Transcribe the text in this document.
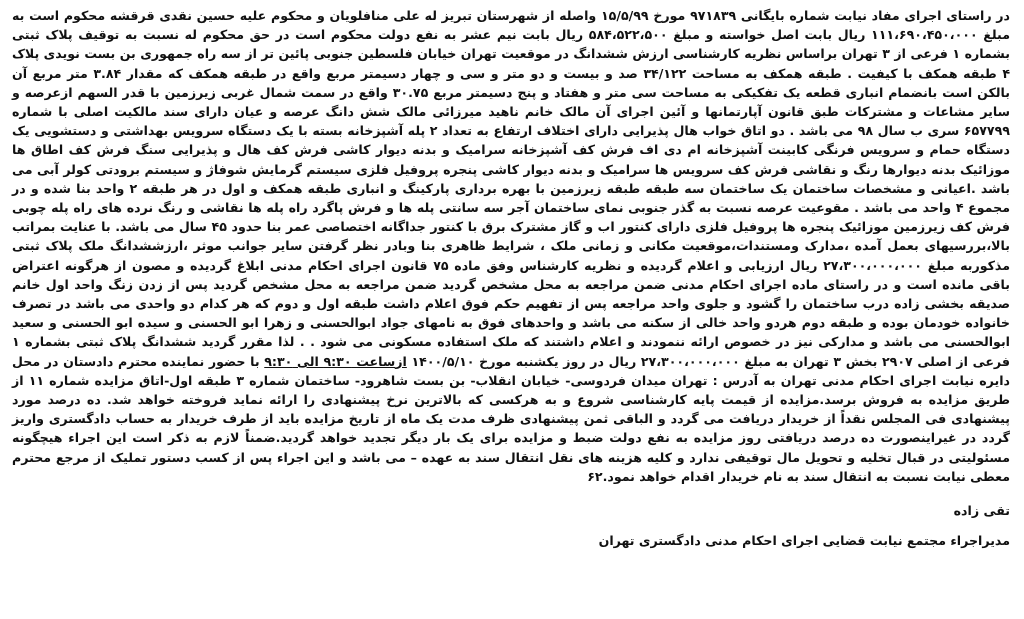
در راستای اجرای مفاد نیابت شماره بایگانی ۹۷۱۸۳۹ مورخ ۱۵/۵/۹۹ واصله از شهرستان تبریز له علی منافلویان و محکوم علیه حسین نقدی قرقشه محکوم است به مبلغ ۱۱۱،۶۹۰،۴۵۰،۰۰۰ ریال بابت اصل خواسته و مبلغ ۵۸۴،۵۲۲،۵۰۰ ریال بابت نیم عشر به نفع دولت محکوم است در حق محکوم له نسبت به توقیف پلاک ثبتی بشماره ۱ فرعی از ۳ تهران براساس نظریه کارشناسی ارزش ششدانگ در موقعیت تهران خیابان فلسطین جنوبی پائین تر از سه راه جمهوری بن بست نویدی پلاک ۴ طبقه همکف با کیفیت . طبقه همکف به مساحت ۳۴/۱۲۲ صد و بیست و دو متر و سی و چهار دسیمتر مربع واقع در طبقه همکف که مقدار ۳.۸۴ متر مربع آن بالکن است بانضمام انباری قطعه یک تفکیکی به مساحت سی متر و هفتاد و پنج دسیمتر مربع ۳۰.۷۵ واقع در سمت شمال غربی زیرزمین با قدر السهم ازعرصه و سایر مشاعات و مشترکات طبق قانون آپارتمانها و آئین اجرای آن مالک خانم ناهید میرزائی مالک شش دانگ عرصه و عیان دارای سند مالکیت اصلی با شماره ۶۵۷۷۹۹ سری ب سال ۹۸ می باشد . دو اتاق خواب هال پذیرایی دارای اختلاف ارتفاع به تعداد ۲ پله آشپزخانه بسته با یک دستگاه سرویس بهداشتی و دستشویی یک دستگاه حمام و سرویس فرنگی کابینت آشپزخانه ام دی اف فرش کف آشپزخانه سرامیک و بدنه دیوار کاشی فرش کف هال و پذیرایی سنگ فرش کف اطاق ها موزائیک بدنه دیوارها رنگ و نقاشی فرش کف سرویس ها سرامیک و بدنه دیوار کاشی پنجره پروفیل فلزی سیستم گرمایش شوفاژ و سیستم برودتی کولر آبی می باشد .اعیانی و مشخصات ساختمان یک ساختمان سه طبقه طبقه زیرزمین با بهره برداری پارکینگ و انباری طبقه همکف و اول در هر طبقه ۲ واحد بنا شده و در مجموع ۴ واحد می باشد . مقوعیت عرصه نسبت به گذر جنوبی نمای ساختمان آجر سه سانتی پله ها و فرش پاگرد راه پله ها نقاشی و رنگ نرده های راه پله چوبی فرش کف زیرزمین موزائیک پنجره ها پروفیل فلزی دارای کنتور اب و گاز مشترک برق با کنتور جداگانه اختصاصی عمر بنا حدود ۴۵ سال می باشد. با عنایت بمراتب بالا،بررسیهای بعمل آمده ،مدارک ومستندات،موقعیت مکانی و زمانی ملک ، شرایط ظاهری بنا وبادر نظر گرفتن سایر جوانب موثر ،ارزششدانگ ملک پلاک ثبتی مذکوربه مبلغ ۲۷،۳۰۰،۰۰۰،۰۰۰ ریال ارزیابی و اعلام گردیده و نظریه کارشناس وفق ماده ۷۵ قانون اجرای احکام مدنی ابلاغ گردیده و مصون از هرگونه اعتراض باقی مانده است و در راستای ماده اجرای احکام مدنی ضمن مراجعه به محل مشخص گردید ضمن مراجعه به محل مشخص گردید پس از زدن زنگ واحد اول خانم صدیقه بخشی زاده درب ساختمان را گشود و جلوی واحد مراجعه پس از تفهیم حکم فوق اعلام داشت طبقه اول و دوم که هر کدام دو واحدی می باشد در تصرف خانواده خودمان بوده و طبقه دوم هردو واحد خالی از سکنه می باشد و واحدهای فوق به نامهای جواد ابوالحسنی و زهرا ابو الحسنی و سیده ابو الحسنی و سعید ابوالحسنی می باشد و مدارکی نیز در خصوص ارائه ننمودند و اعلام داشتند که ملک استفاده مسکونی می شود . . لذا مقرر گردید ششدانگ پلاک ثبتی بشماره ۱ فرعی از اصلی ۲۹۰۷ بخش ۳ تهران به مبلغ ۲۷،۳۰۰،۰۰۰،۰۰۰ ریال در روز یکشنبه مورخ ۱۴۰۰/۵/۱۰ ازساعت ۹:۳۰ الی ۹:۳۰ با حضور نماینده محترم دادستان در محل دایره نیابت اجرای احکام مدنی تهران به آدرس : تهران میدان فردوسی- خیابان انقلاب- بن بست شاهرود- ساختمان شماره ۳ طبقه اول-اتاق مزایده شماره ۱۱ از طریق مزایده به فروش برسد.مزایده از قیمت پایه کارشناسی شروع و به هرکسی که بالاترین نرخ پیشنهادی را ارائه نماید فروخته خواهد شد. ده درصد مورد پیشنهادی فی المجلس نقداً از خریدار دریافت می گردد و الباقی ثمن پیشنهادی ظرف مدت یک ماه از تاریخ مزایده باید از طرف خریدار به حساب دادگستری واریز گردد در غیراینصورت ده درصد دریافتی روز مزایده به نفع دولت ضبط و مزایده برای یک بار دیگر تجدید خواهد گردید.ضمناً لازم به ذکر است این اجراء هیچگونه مسئولیتی در قبال تخلیه و تحویل مال توقیفی ندارد و کلیه هزینه های نقل انتقال سند به عهده – می باشد و این اجراء پس از کسب دستور تملیک از مرجع محترم معطی نیابت نسبت به انتقال سند به نام خریدار اقدام خواهد نمود.۶۲

تقی زاده
مدیراجراء مجتمع نیابت قضایی اجرای احکام مدنی دادگستری تهران
